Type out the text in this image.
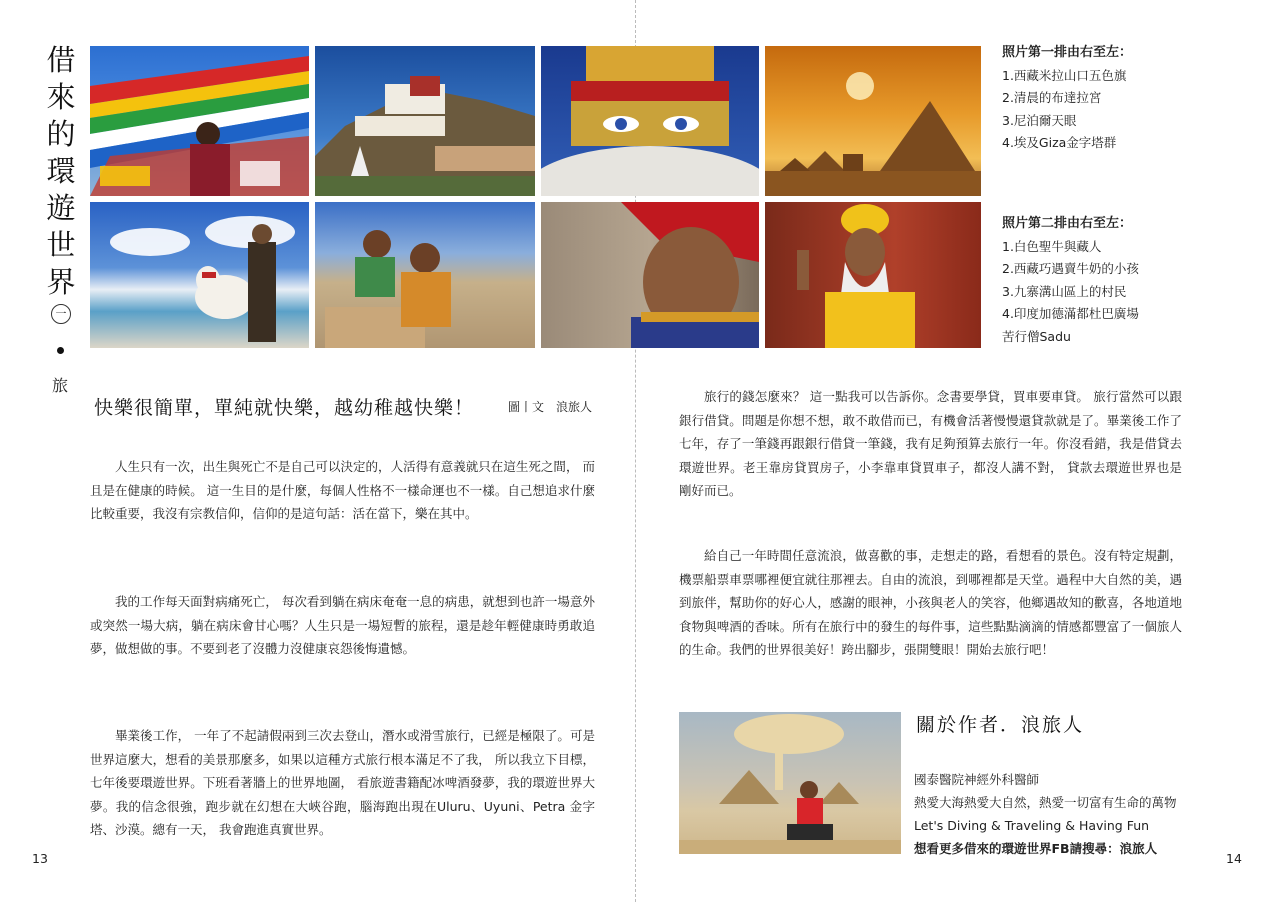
借
來
的
環
遊
世
界
一
旅
照片第一排由右至左：
1.西藏米拉山口五色旗
2.清晨的布達拉宮
3.尼泊爾天眼
4.埃及Giza金字塔群
照片第二排由右至左：
1.白色聖牛與藏人
2.西藏巧遇賣牛奶的小孩
3.九寨溝山區上的村民
4.印度加德滿都杜巴廣場
苦行僧Sadu
快樂很簡單，單純就快樂，越幼稚越快樂！	圖丨文　浪旅人

人生只有一次，出生與死亡不是自己可以決定的，人活得有意義就只在這生死之間， 而且是在健康的時候。 這一生目的是什麼，每個人性格不一樣命運也不一樣。自己想追求什麼比較重要，我沒有宗教信仰，信仰的是這句話：活在當下，樂在其中。

我的工作每天面對病痛死亡， 每次看到躺在病床奄奄一息的病患，就想到也許一場意外或突然一場大病，躺在病床會甘心嗎？人生只是一場短暫的旅程，還是趁年輕健康時勇敢追夢，做想做的事。不要到老了沒體力沒健康哀怨後悔遺憾。

畢業後工作， 一年了不起請假兩到三次去登山，潛水或滑雪旅行，已經是極限了。可是世界這麼大，想看的美景那麼多，如果以這種方式旅行根本滿足不了我， 所以我立下目標，七年後要環遊世界。下班看著牆上的世界地圖， 看旅遊書籍配冰啤酒發夢，我的環遊世界大夢。我的信念很強，跑步就在幻想在大峽谷跑，腦海跑出現在Uluru、Uyuni、Petra 金字塔、沙漠。總有一天， 我會跑進真實世界。

旅行的錢怎麼來？ 這一點我可以告訴你。念書要學貸，買車要車貸。 旅行當然可以跟銀行借貸。問題是你想不想，敢不敢借而已，有機會活著慢慢還貸款就是了。畢業後工作了七年，存了一筆錢再跟銀行借貸一筆錢，我有足夠預算去旅行一年。你沒看錯，我是借貸去環遊世界。老王靠房貸買房子，小李靠車貸買車子，都沒人講不對， 貸款去環遊世界也是剛好而已。

給自己一年時間任意流浪，做喜歡的事，走想走的路，看想看的景色。沒有特定規劃，機票船票車票哪裡便宜就往那裡去。自由的流浪，到哪裡都是天堂。過程中大自然的美，遇到旅伴，幫助你的好心人，感謝的眼神，小孩與老人的笑容，他鄉遇故知的歡喜，各地道地食物與啤酒的香味。所有在旅行中的發生的每件事，這些點點滴滴的情感都豐富了一個旅人的生命。我們的世界很美好！跨出腳步，張開雙眼！開始去旅行吧！

關於作者．浪旅人
國泰醫院神經外科醫師
熱愛大海熱愛大自然，熱愛一切富有生命的萬物
Let's Diving & Traveling & Having Fun
想看更多借來的環遊世界FB請搜尋：浪旅人
13	14
